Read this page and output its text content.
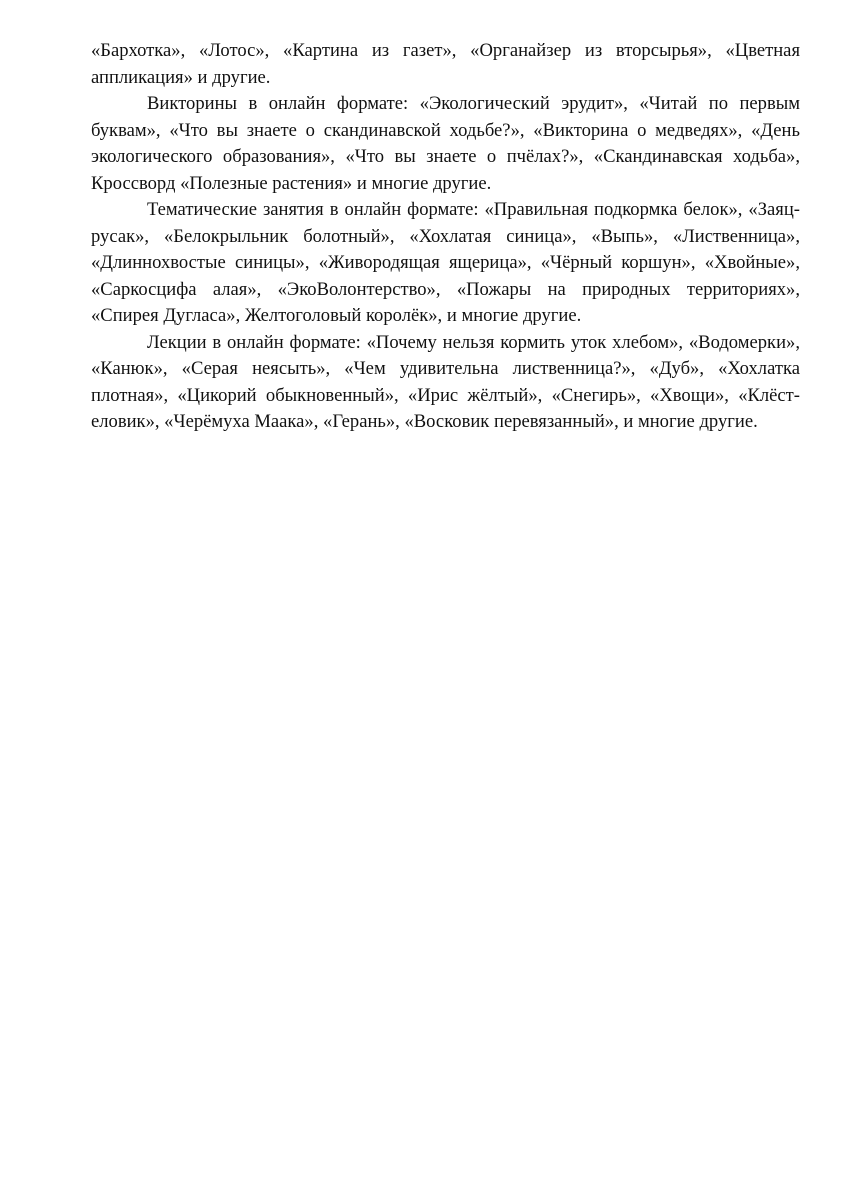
«Бархотка», «Лотос», «Картина из газет», «Органайзер из вторсырья», «Цветная аппликация» и другие.

Викторины в онлайн формате: «Экологический эрудит», «Читай по первым буквам», «Что вы знаете о скандинавской ходьбе?», «Викторина о медведях», «День экологического образования», «Что вы знаете о пчёлах?», «Скандинавская ходьба», Кроссворд «Полезные растения» и многие другие.

Тематические занятия в онлайн формате: «Правильная подкормка белок», «Заяц-русак», «Белокрыльник болотный», «Хохлатая синица», «Выпь», «Лиственница», «Длиннохвостые синицы», «Живородящая ящерица», «Чёрный коршун», «Хвойные», «Саркосцифа алая», «ЭкоВолонтерство», «Пожары на природных территориях», «Спирея Дугласа», Желтоголовый королёк», и многие другие.

Лекции в онлайн формате: «Почему нельзя кормить уток хлебом», «Водомерки», «Канюк», «Серая неясыть», «Чем удивительна лиственница?», «Дуб», «Хохлатка плотная», «Цикорий обыкновенный», «Ирис жёлтый», «Снегирь», «Хвощи», «Клёст-еловик», «Черёмуха Маака», «Герань», «Восковик перевязанный», и многие другие.
